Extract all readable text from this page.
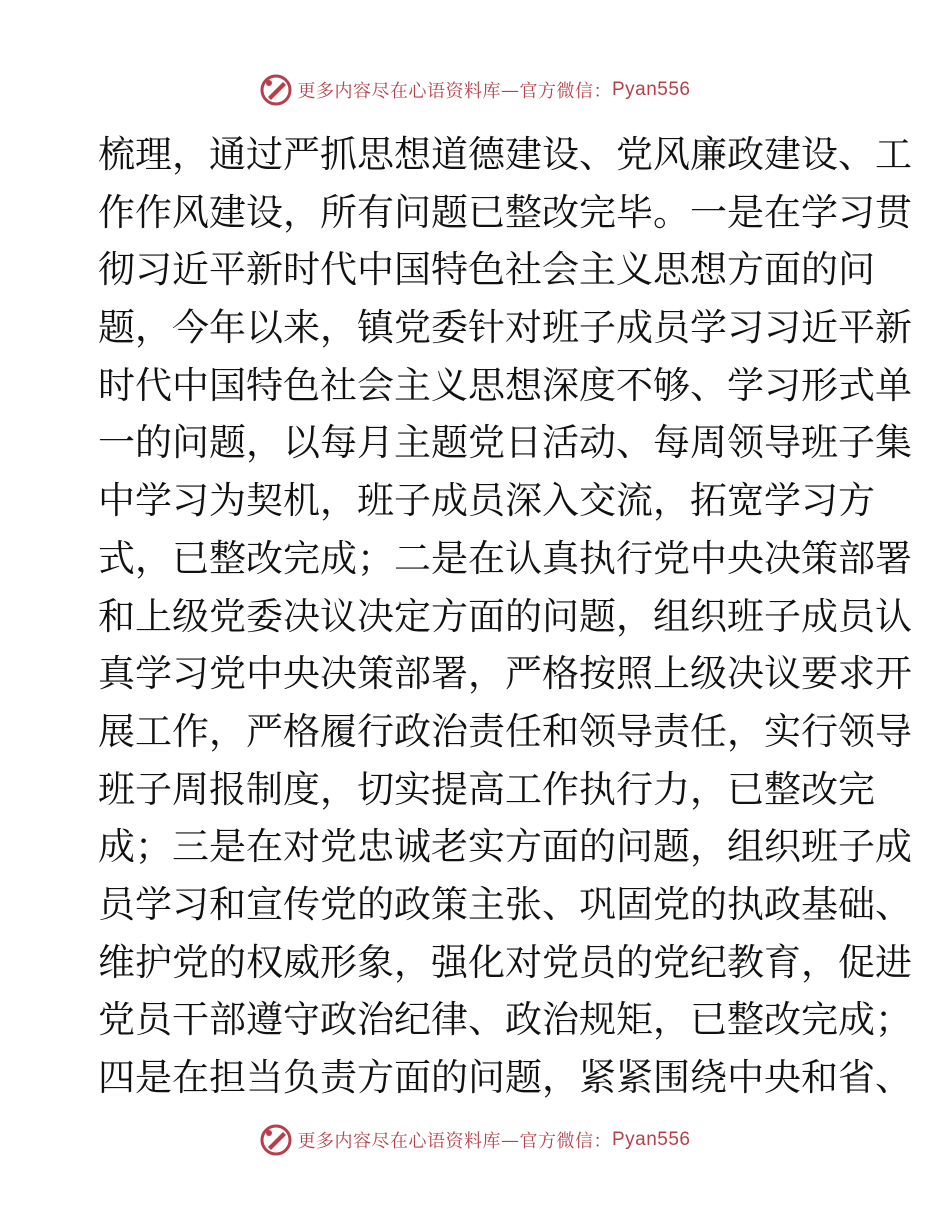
更多内容尽在心语资料库 — 官方微信： Pyan556
梳理，通过严抓思想道德建设、党风廉政建设、工
作作风建设，所有问题已整改完毕。一是在学习贯
彻习近平新时代中国特色社会主义思想方面的问
题，今年以来，镇党委针对班子成员学习习近平新
时代中国特色社会主义思想深度不够、学习形式单
一的问题，以每月主题党日活动、每周领导班子集
中学习为契机，班子成员深入交流，拓宽学习方
式，已整改完成；二是在认真执行党中央决策部署
和上级党委决议决定方面的问题，组织班子成员认
真学习党中央决策部署，严格按照上级决议要求开
展工作，严格履行政治责任和领导责任，实行领导
班子周报制度，切实提高工作执行力，已整改完
成；三是在对党忠诚老实方面的问题，组织班子成
员学习和宣传党的政策主张、巩固党的执政基础、
维护党的权威形象，强化对党员的党纪教育，促进
党员干部遵守政治纪律、政治规矩，已整改完成；
四是在担当负责方面的问题，紧紧围绕中央和省、
更多内容尽在心语资料库 — 官方微信： Pyan556
